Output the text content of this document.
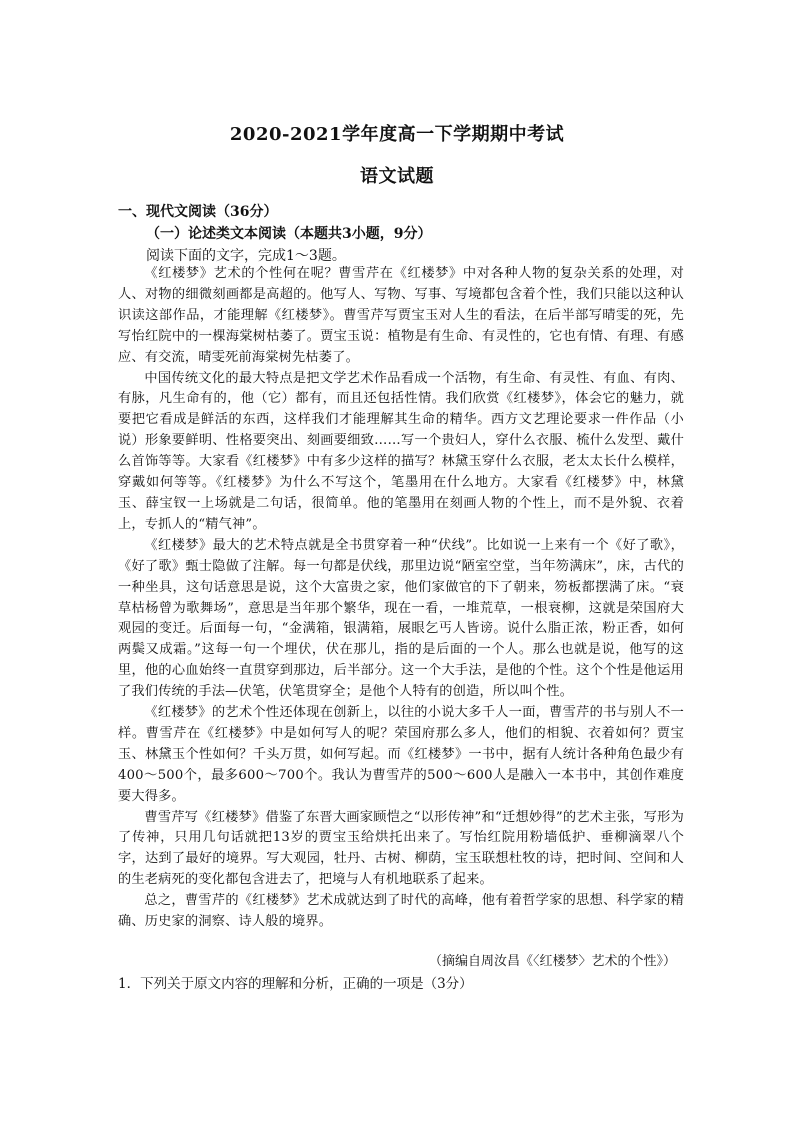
2020-2021学年度高一下学期期中考试
语文试题
一、现代文阅读（36分）
（一）论述类文本阅读（本题共3小题，9分）
阅读下面的文字，完成1～3题。

《红楼梦》艺术的个性何在呢？曹雪芹在《红楼梦》中对各种人物的复杂关系的处理，对人、对物的细微刻画都是高超的。他写人、写物、写事、写境都包含着个性，我们只能以这种认识读这部作品，才能理解《红楼梦》。曹雪芹写贾宝玉对人生的看法，在后半部写晴雯的死，先写怡红院中的一棵海棠树枯萎了。贾宝玉说：植物是有生命、有灵性的，它也有情、有理、有感应、有交流，晴雯死前海棠树先枯萎了。

中国传统文化的最大特点是把文学艺术作品看成一个活物，有生命、有灵性、有血、有肉、有脉，凡生命有的，他（它）都有，而且还包括性情。我们欣赏《红楼梦》，体会它的魅力，就要把它看成是鲜活的东西，这样我们才能理解其生命的精华。西方文艺理论要求一件作品（小说）形象要鲜明、性格要突出、刻画要细致……写一个贵妇人，穿什么衣服、梳什么发型、戴什么首饰等等。大家看《红楼梦》中有多少这样的描写？林黛玉穿什么衣服，老太太长什么模样，穿戴如何等等。《红楼梦》为什么不写这个，笔墨用在什么地方。大家看《红楼梦》中，林黛玉、薛宝钗一上场就是二句话，很简单。他的笔墨用在刻画人物的个性上，而不是外貌、衣着上，专抓人的“精气神”。

《红楼梦》最大的艺术特点就是全书贯穿着一种“伏线”。比如说一上来有一个《好了歌》，《好了歌》甄士隐做了注解。每一句都是伏线，那里边说“陋室空堂，当年笏满床”，床，古代的一种坐具，这句话意思是说，这个大富贵之家，他们家做官的下了朝来，笏板都摆满了床。“衰草枯杨曾为歌舞场”，意思是当年那个繁华，现在一看，一堆荒草，一根衰柳，这就是荣国府大观园的变迁。后面每一句，“金满箱，银满箱，展眼乞丐人皆谤。说什么脂正浓，粉正香，如何两鬓又成霜。”这每一句一个埋伏，伏在那儿，指的是后面的一个人。那么也就是说，他写的这里，他的心血始终一直贯穿到那边，后半部分。这一个大手法，是他的个性。这个个性是他运用了我们传统的手法—伏笔，伏笔贯穿全；是他个人特有的创造，所以叫个性。

《红楼梦》的艺术个性还体现在创新上，以往的小说大多千人一面，曹雪芹的书与别人不一样。曹雪芹在《红楼梦》中是如何写人的呢？荣国府那么多人，他们的相貌、衣着如何？贾宝玉、林黛玉个性如何？千头万贯，如何写起。而《红楼梦》一书中，据有人统计各种角色最少有400～500个，最多600～700个。我认为曹雪芹的500～600人是融入一本书中，其创作难度要大得多。

曹雪芹写《红楼梦》借鉴了东晋大画家顾恺之“以形传神”和“迁想妙得”的艺术主张，写形为了传神，只用几句话就把13岁的贾宝玉给烘托出来了。写怡红院用粉墙低护、垂柳滴翠八个字，达到了最好的境界。写大观园，牡丹、古树、柳荫，宝玉联想杜牧的诗，把时间、空间和人的生老病死的变化都包含进去了，把境与人有机地联系了起来。

总之，曹雪芹的《红楼梦》艺术成就达到了时代的高峰，他有着哲学家的思想、科学家的精确、历史家的洞察、诗人般的境界。

（摘编自周汝昌《〈红楼梦〉艺术的个性》）
1．下列关于原文内容的理解和分析，正确的一项是（3分）
